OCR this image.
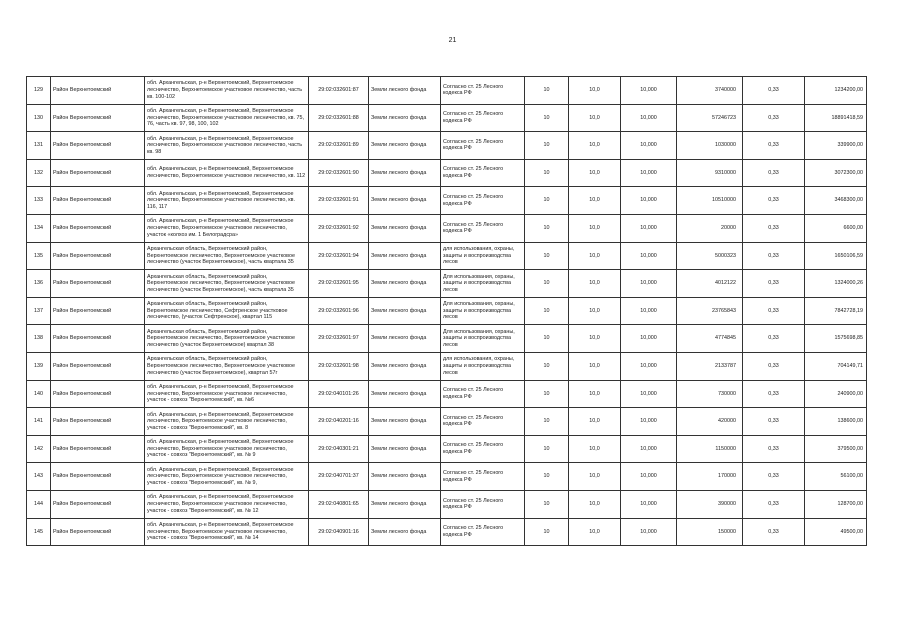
21
129	Район Верхнетоемский	обл. Архангельская, р-н Верхнетоемский, Верхнетоемское лесничество, Верхнетоемское участковое лесничество, часть кв. 100-102	29:02:032601:87	Земли лесного фонда	Согласно ст. 25 Лесного кодекса РФ	10	10,0	10,000	3740000	0,33	1234200,00
130	Район Верхнетоемский	обл. Архангельская, р-н Верхнетоемский, Верхнетоемское лесничество, Верхнетоемское участковое лесничество, кв. 75, 76, часть кв. 97, 98, 100, 102	29:02:032601:88	Земли лесного фонда	Согласно ст. 25 Лесного кодекса РФ	10	10,0	10,000	57246723	0,33	18891418,59
131	Район Верхнетоемский	обл. Архангельская, р-н Верхнетоемский, Верхнетоемское лесничество, Верхнетоемское участковое лесничество, часть кв. 98	29:02:032601:89	Земли лесного фонда	Согласно ст. 25 Лесного кодекса РФ	10	10,0	10,000	1030000	0,33	339900,00
132	Район Верхнетоемский	обл. Архангельская, р-н Верхнетоемский, Верхнетоемское лесничество, Верхнетоемское участковое лесничество, кв. 112	29:02:032601:90	Земли лесного фонда	Согласно ст. 25 Лесного кодекса РФ	10	10,0	10,000	9310000	0,33	3072300,00
133	Район Верхнетоемский	обл. Архангельская, р-н Верхнетоемский, Верхнетоемское лесничество, Верхнетоемское участковое лесничество, кв. 116, 117	29:02:032601:91	Земли лесного фонда	Согласно ст. 25 Лесного кодекса РФ	10	10,0	10,000	10510000	0,33	3468300,00
134	Район Верхнетоемский	обл. Архангельская, р-н Верхнетоемский, Верхнетоемское лесничество, Верхнетоемское участковое лесничество, участок «колхоз им. 1 Белоградсра»	29:02:032601:92	Земли лесного фонда	Согласно ст. 25 Лесного кодекса РФ	10	10,0	10,000	20000	0,33	6600,00
135	Район Верхнетоемский	Архангельская область, Верхнетоемский район, Верхнетоемское лесничество, Верхнетоемское участковое лесничество (участок Верхнетоемское), часть квартала 35	29:02:032601:94	Земли лесного фонда	для использования, охраны, защиты и воспроизводства лесов	10	10,0	10,000	5000323	0,33	1650106,59
136	Район Верхнетоемский	Архангельская область, Верхнетоемский район, Верхнетоемское лесничество, Верхнетоемское участковое лесничество (участок Верхнетоемское), часть квартала 35	29:02:032601:95	Земли лесного фонда	Для использования, охраны, защиты и воспроизводства лесов	10	10,0	10,000	4012122	0,33	1324000,26
137	Район Верхнетоемский	Архангельская область, Верхнетоемский район, Верхнетоемское лесничество, Сефтренское участковое лесничество, (участок Сефтренское), квартал 115	29:02:032601:96	Земли лесного фонда	Для использования, охраны, защиты и воспроизводства лесов	10	10,0	10,000	23765843	0,33	7842728,19
138	Район Верхнетоемский	Архангельская область, Верхнетоемский район, Верхнетоемское лесничество, Верхнетоемское участковое лесничество (участок Верхнетоемское) квартал 38	29:02:032601:97	Земли лесного фонда	Для использования, охраны, защиты и воспроизводства лесов	10	10,0	10,000	4774845	0,33	1575698,85
139	Район Верхнетоемский	Архангельская область, Верхнетоемский район, Верхнетоемское лесничество, Верхнетоемское участковое лесничество (участок Верхнетоемское), квартал 57г	29:02:032601:98	Земли лесного фонда	для использования, охраны, защиты и воспроизводства лесов	10	10,0	10,000	2133787	0,33	704149,71
140	Район Верхнетоемский	обл. Архангельская, р-н Верхнетоемский, Верхнетоемское лесничество, Верхнетоемское участковое лесничество, участок - совхоз "Верхнетоемский", кв. №6	29:02:040101:26	Земли лесного фонда	Согласно ст. 25 Лесного кодекса РФ	10	10,0	10,000	730000	0,33	240900,00
141	Район Верхнетоемский	обл. Архангельская, р-н Верхнетоемский, Верхнетоемское лесничество, Верхнетоемское участковое лесничество, участок - совхоз "Верхнетоемский", кв. 8	29:02:040201:16	Земли лесного фонда	Согласно ст. 25 Лесного кодекса РФ	10	10,0	10,000	420000	0,33	138600,00
142	Район Верхнетоемский	обл. Архангельская, р-н Верхнетоемский, Верхнетоемское лесничество, Верхнетоемское участковое лесничество, участок - совхоз "Верхнетоемский", кв. № 9	29:02:040301:21	Земли лесного фонда	Согласно ст. 25 Лесного кодекса РФ	10	10,0	10,000	1150000	0,33	379500,00
143	Район Верхнетоемский	обл. Архангельская, р-н Верхнетоемский, Верхнетоемское лесничество, Верхнетоемское участковое лесничество, участок - совхоз "Верхнетоемский", кв. № 9,	29:02:040701:37	Земли лесного фонда	Согласно ст. 25 Лесного кодекса РФ	10	10,0	10,000	170000	0,33	56100,00
144	Район Верхнетоемский	обл. Архангельская, р-н Верхнетоемский, Верхнетоемское лесничество, Верхнетоемское участковое лесничество, участок - совхоз "Верхнетоемский", кв. № 12	29:02:040801:65	Земли лесного фонда	Согласно ст. 25 Лесного кодекса РФ	10	10,0	10,000	390000	0,33	128700,00
145	Район Верхнетоемский	обл. Архангельская, р-н Верхнетоемский, Верхнетоемское лесничество, Верхнетоемское участковое лесничество, участок - совхоз "Верхнетоемский", кв. № 14	29:02:040901:16	Земли лесного фонда	Согласно ст. 25 Лесного кодекса РФ	10	10,0	10,000	150000	0,33	49500,00
